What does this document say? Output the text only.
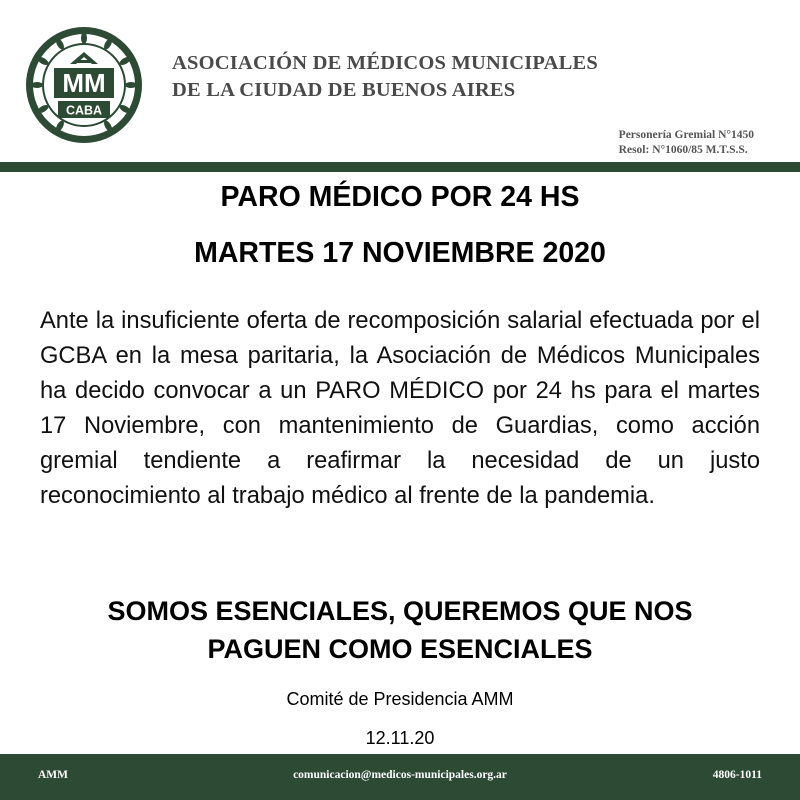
MM
CABA
ASOCIACIÓN DE MÉDICOS MUNICIPALES
DE LA CIUDAD DE BUENOS AIRES
Personería Gremial N°1450
Resol: N°1060/85 M.T.S.S.
PARO MÉDICO POR 24 HS
MARTES 17 NOVIEMBRE 2020

Ante la insuficiente oferta de recomposición salarial efectuada por el GCBA en la mesa paritaria, la Asociación de Médicos Municipales ha decido convocar a un PARO MÉDICO por 24 hs para el martes 17 Noviembre, con mantenimiento de Guardias, como acción gremial tendiente a reafirmar la necesidad de un justo reconocimiento al trabajo médico al frente de la pandemia.

SOMOS ESENCIALES, QUEREMOS QUE NOS
PAGUEN COMO ESENCIALES
Comité de Presidencia AMM
12.11.20
comunicacion@medicos-municipales.org.ar
AMM	4806-1011
